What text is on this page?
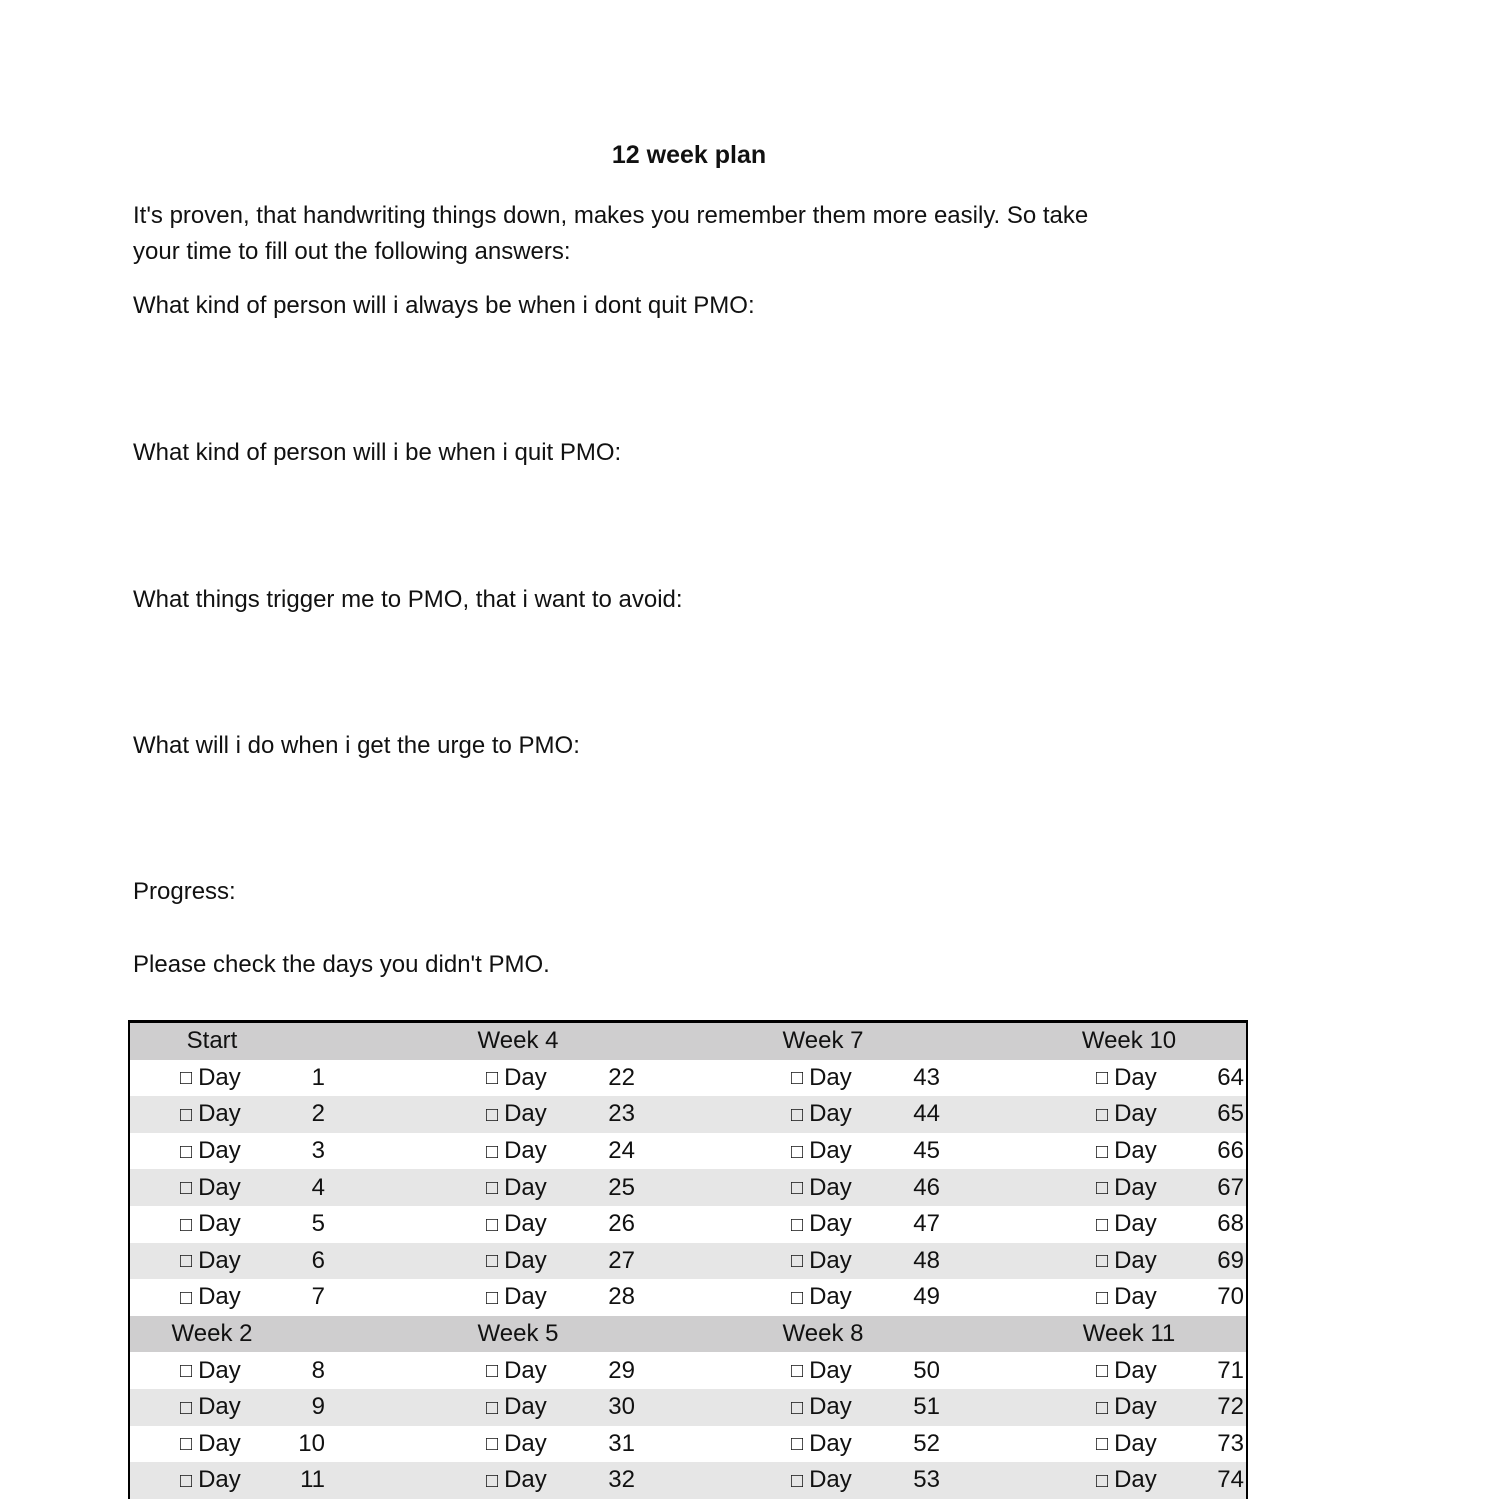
12 week plan

It's proven, that handwriting things down, makes you remember them more easily. So take your time to fill out the following answers:

What kind of person will i always be when i dont quit PMO:

What kind of person will i be when i quit PMO:

What things trigger me to PMO, that i want to avoid:

What will i do when i get the urge to PMO:

Progress:

Please check the days you didn't PMO.

Start	Week 4	Week 7	Week 10
□ Day	1	□ Day	22	□ Day	43	□ Day	64
□ Day	2	□ Day	23	□ Day	44	□ Day	65
□ Day	3	□ Day	24	□ Day	45	□ Day	66
□ Day	4	□ Day	25	□ Day	46	□ Day	67
□ Day	5	□ Day	26	□ Day	47	□ Day	68
□ Day	6	□ Day	27	□ Day	48	□ Day	69
□ Day	7	□ Day	28	□ Day	49	□ Day	70
Week 2	Week 5	Week 8	Week 11
□ Day	8	□ Day	29	□ Day	50	□ Day	71
□ Day	9	□ Day	30	□ Day	51	□ Day	72
□ Day	10	□ Day	31	□ Day	52	□ Day	73
□ Day	11	□ Day	32	□ Day	53	□ Day	74
